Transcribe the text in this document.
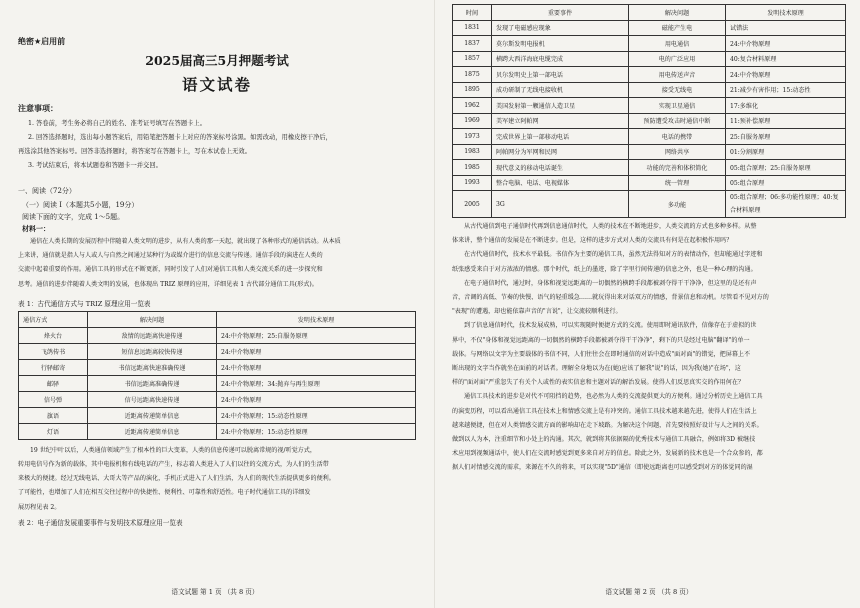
绝密★启用前
2025届高三5月押题考试
语文试卷
注意事项：

1. 答卷前，考生务必将自己的姓名、准考证号填写在答题卡上。

2. 回答选择题时，选出每小题答案后，用铅笔把答题卡上对应的答案标号涂黑。如需改动，用橡皮擦干净后，

再选涂其他答案标号。回答非选择题时，将答案写在答题卡上，写在本试卷上无效。

3. 考试结束后，将本试题卷和答题卡一并交回。

一、阅读（72分）
（一）阅读 I（本题共5小题，19分）
阅读下面的文字，完成 1～5题。
材料一：

通信在人类长期的发展历程中伴随着人类文明的进步，从有人类的那一天起，就出现了各种形式的通信活动。从本质

上来讲，通信就是指人与人或人与自然之间通过某种行为或媒介进行的信息交流与传递。通信手段的演进在人类的

交流中起着重要的作用。通信工具的形式在不断更新，同时引发了人们对通信工具和人类交流关系的进一步探究和

思考。通信的进步伴随着人类文明的发展，也体现出 TRIZ 原理的应用，详细见表 1 古代部分通信工具(形式)。

表 1：古代通信方式与 TRIZ 原理应用一览表
通信方式	解决问题	发明技术原理
烽火台	敌情的远距离快速传递	24:中介物原理；25:自服务原理
飞鸽传书	短信息远距离较快传递	24:中介物原理
行驿邮寄	书信远距离快速准确传递	24:中介物原理
邮驿	书信远距离准确传递	24:中介物原理；34:抛弃与再生原理
信号弹	信号远距离快速传递	24:中介物原理
旗语	近距离传递简单信息	24:中介物原理；15:动态性原理
灯语	近距离传递简单信息	24:中介物原理；15:动态性原理

19 世纪中叶以后，人类通信领域产生了根本性的巨大变革，人类的信息传递可以脱离常规的视/听觉方式，

转用电信号作为新的载体，其中电报机和有线电话的产生，标志着人类进入了人们以往的交流方式，为人们的生活带

来极大的便捷。经过无线电话、大哥大等产品的演化，手机正式进入了人们生活，为人们的现代生活提供更多的便利。

了可能性，也增加了人们在相互交往过程中的快捷性、便利性、可靠性和舒适性。电子时代通信工具的详细发

展历程见表 2。

表 2：电子通信发展重要事件与发明技术原理应用一览表
语文试题 第 1 页 （共 8 页）
时间	重要事件	解决问题	发明技术原理
1831	发现了电磁感应现象	磁能产生电	试错法
1837	莫尔斯发明电报机	用电通信	24:中介物原理
1857	横跨大西洋海底电缆完成	电的广泛应用	40:复合材料原理
1875	贝尔发明史上第一部电话	用电传送声音	24:中介物原理
1895	成功研制了无线电接收机	接受无线电	21:减少有害作用；15:动态性
1962	美国发射第一颗通信人造卫星	实现卫星通信	17:多维化
1969	美军建立阿帕网	预防遭受攻击时通信中断	11:预补偿原理
1973	完成世界上第一部移动电话	电话的携带	25:自服务原理
1983	阿帕网分为军网和民网	网络共享	01:分割原理
1985	现代意义的移动电话诞生	功能的完善和体积简化	05:组合原理；25:自服务原理
1993	整合电脑、电话、电视媒体	统一管理	05:组合原理
2005	3G	多功能	05:组合原理；06:多功能性原理；40:复合材料原理

从古代通信到电子通信时代再到信息通信时代，人类的技术在不断地进步，人类交流的方式也多种多样。从整

体来讲，整个通信的发展是在不断进步。但是，这样的进步方式对人类的交流具有何是在起积极作用吗？

在古代通信时代，技术水平最低。书信作为主要的通信工具，虽然无法得知对方的表情动作，但却能通过字迹和

纸张感受来自于对方浓浓的情感。那个时代，纸上的墨迹，除了字里行间传递的信息之外，也是一种心理的沟通。

在电子通信时代，通过时，身体和视觉远距离的一切偶然的横跨手段都被剥夺得干干净净，但这里的是还有声

音，音调的高低、节奏的快慢、语气的轻重缓急……就玩得出来对话双方的情感，背景信息和动机。尽管看不见对方的

"表现"的遭遇，却也能依靠声音的"言说"，让交流较顺利进行。

到了信息通信时代，技术发展成熟，可以实现随时便捷方式的交流。使用即时通讯软件，信像存在于虚拟的世

界中，不仅"身体和视觉远距离的一切偶然的横跨手段都被剥夺得干干净净"，剩下的只是经过电脑"翻译"的单一

载体。与网络以文字为主要载体的书信不同，人们往往会在即时通信的对话中造成"面对面"的错觉，把屏幕上不

断出现的文字当作就坐在面前的对话者。理解全身地以为在(她)应该了解我"说"的话，因为我(她)"在场"，这

样的"面对面"严重忽失了有关个人或性的表实信息和主题对话的解治发展。使得人们反思真实交的作用何在？

通信工具技术的进步是对代不可阻挡的趋势，也必然为人类的交流提供更大的方便利。通过分析历史上通信工具

的演变历程，可以看出通信工具在技术上和情感交流上是有冲突的。通信工具技术越来越先进，使得人们在生活上

越来越便捷，但在对人类情感交流方面的影响却在走下坡路。为解决这个问题，首先要按照好设计与人之间的关系。

做到以人为本，注重细节和小处上的沟通。其次，就到将其依据隔的优秀技术与通信工具融合，例如将3D 被继技

术应用到视频通话中，使人们在交流时感觉到更多来自对方的信息。除此之外，发展新的技术也是一个合众参的，都

据人们对情感交流的需求，来源在不久的将来，可以实现"5D"通信（即使远距离也可以感受到对方的体觉同的湿

语文试题 第 2 页 （共 8 页）
